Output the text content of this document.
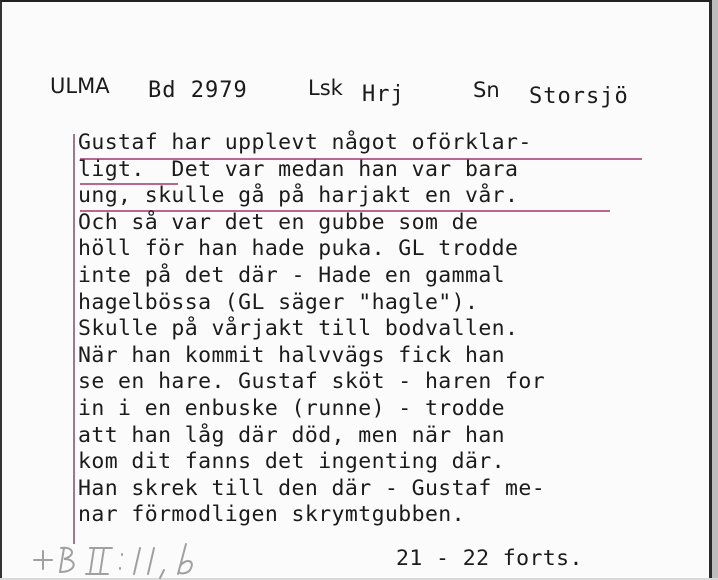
ULMA Bd 2979	Lsk Hrj	Sn Storsjö
Gustaf har upplevt något oförklar-
ligt.  Det var medan han var bara
ung, skulle gå på harjakt en vår.
Och så var det en gubbe som de
höll för han hade puka. GL trodde
inte på det där - Hade en gammal
hagelbössa (GL säger "hagle").
Skulle på vårjakt till bodvallen.
När han kommit halvvägs fick han
se en hare. Gustaf sköt - haren for
in i en enbuske (runne) - trodde
att han låg där död, men när han
kom dit fanns det ingenting där.
Han skrek till den där - Gustaf me-
nar förmodligen skrymtgubben.
21 - 22 forts.
